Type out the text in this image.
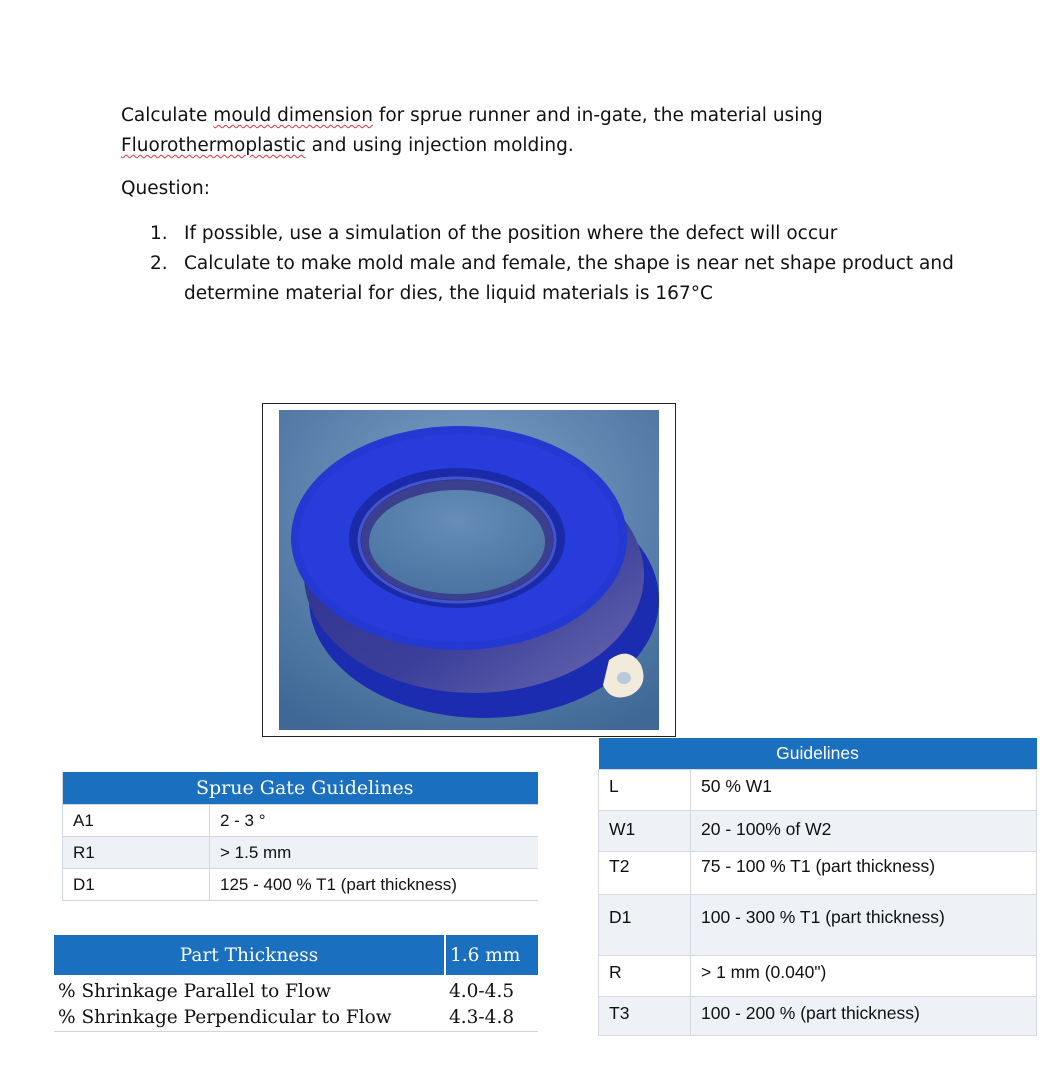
Calculate mould dimension for sprue runner and in-gate, the material using
Fluorothermoplastic and using injection molding.
Question:
1. If possible, use a simulation of the position where the defect will occur
2. Calculate to make mold male and female, the shape is near net shape product and determine material for dies, the liquid materials is 167°C
Sprue Gate Guidelines	
A1	2 - 3 °
R1	> 1.5 mm
D1	125 - 400 % T1 (part thickness)
Part Thickness	1.6 mm
% Shrinkage Parallel to Flow	4.0-4.5
% Shrinkage Perpendicular to Flow	4.3-4.8
Guidelines	
L	50 % W1
W1	20 - 100% of W2
T2	75 - 100 % T1 (part thickness)
D1	100 - 300 % T1 (part thickness)
R	> 1 mm (0.040")
T3	100 - 200 % (part thickness)
